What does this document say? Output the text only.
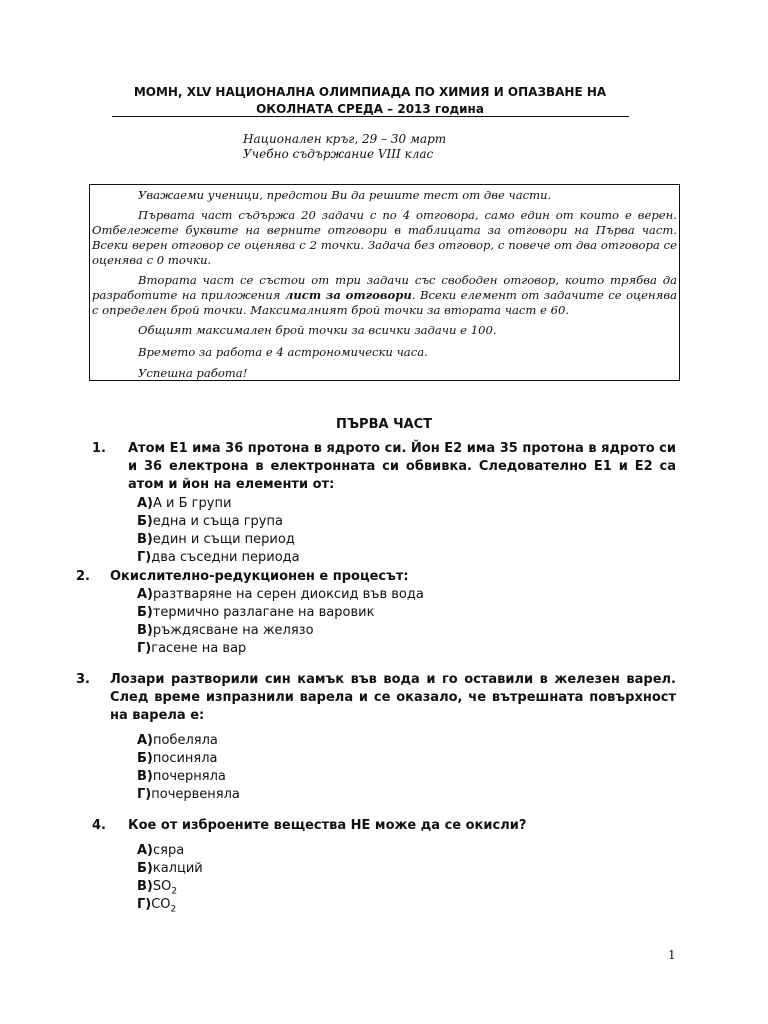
МОМН, XLV НАЦИОНАЛНА ОЛИМПИАДА ПО ХИМИЯ И ОПАЗВАНЕ НА
ОКОЛНАТА СРЕДА – 2013 година
Национален кръг, 29 – 30 март
Учебно съдържание VIII клас
Уважаеми ученици, предстои Ви да решите тест от две части.
Първата част съдържа 20 задачи с по 4 отговора, само един от които е верен. Отбележете буквите на верните отговори в таблицата за отговори на Първа част. Всеки верен отговор се оценява с 2 точки. Задача без отговор, с повече от два отговора се оценява с 0 точки.
Втората част се състои от три задачи със свободен отговор, които трябва да разработите на приложения лист за отговори. Всеки елемент от задачите се оценява с определен брой точки. Максималният брой точки за втората част е 60.
Общият максимален брой точки за всички задачи е 100.
Времето за работа е 4 астрономически часа.
Успешна работа!
ПЪРВА ЧАСТ
1. Атом Е1 има 36 протона в ядрото си. Йон Е2 има 35 протона в ядрото си и 36 електрона в електронната си обвивка. Следователно Е1 и Е2 са атом и йон на елементи от:
А)А и Б групи
Б)една и съща група
В)един и същи период
Г)два съседни периода
2. Окислително-редукционен е процесът:
А)разтваряне на серен диоксид във вода
Б)термично разлагане на варовик
В)ръждясване на желязо
Г)гасене на вар
3. Лозари разтворили син камък във вода и го оставили в железен варел. След време изпразнили варела и се оказало, че вътрешната повърхност на варела е:
А)побеляла
Б)посиняла
В)почерняла
Г)почервеняла
4. Кое от изброените вещества НЕ може да се окисли?
А)сяра
Б)калций
$В)SO_2$
$Г)CO_2$
1
